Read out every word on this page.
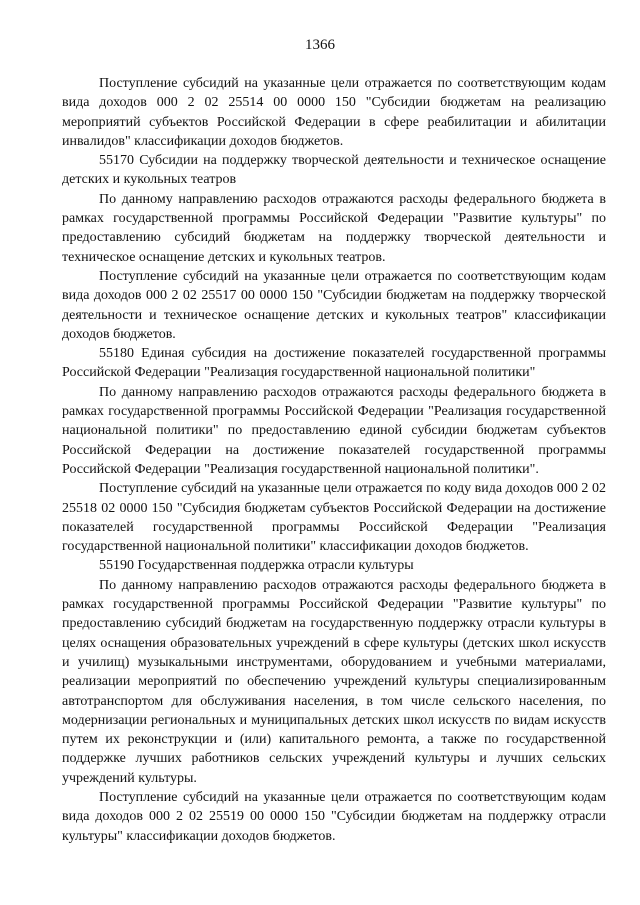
1366

Поступление субсидий на указанные цели отражается по соответствующим кодам вида доходов 000 2 02 25514 00 0000 150 "Субсидии бюджетам на реализацию мероприятий субъектов Российской Федерации в сфере реабилитации и абилитации инвалидов" классификации доходов бюджетов.

55170 Субсидии на поддержку творческой деятельности и техническое оснащение детских и кукольных театров

По данному направлению расходов отражаются расходы федерального бюджета в рамках государственной программы Российской Федерации "Развитие культуры" по предоставлению субсидий бюджетам на поддержку творческой деятельности и техническое оснащение детских и кукольных театров.

Поступление субсидий на указанные цели отражается по соответствующим кодам вида доходов 000 2 02 25517 00 0000 150 "Субсидии бюджетам на поддержку творческой деятельности и техническое оснащение детских и кукольных театров" классификации доходов бюджетов.

55180 Единая субсидия на достижение показателей государственной программы Российской Федерации "Реализация государственной национальной политики"

По данному направлению расходов отражаются расходы федерального бюджета в рамках государственной программы Российской Федерации "Реализация государственной национальной политики" по предоставлению единой субсидии бюджетам субъектов Российской Федерации на достижение показателей государственной программы Российской Федерации "Реализация государственной национальной политики".

Поступление субсидий на указанные цели отражается по коду вида доходов 000 2 02 25518 02 0000 150 "Субсидия бюджетам субъектов Российской Федерации на достижение показателей государственной программы Российской Федерации "Реализация государственной национальной политики" классификации доходов бюджетов.

55190 Государственная поддержка отрасли культуры

По данному направлению расходов отражаются расходы федерального бюджета в рамках государственной программы Российской Федерации "Развитие культуры" по предоставлению субсидий бюджетам на государственную поддержку отрасли культуры в целях оснащения образовательных учреждений в сфере культуры (детских школ искусств и училищ) музыкальными инструментами, оборудованием и учебными материалами, реализации мероприятий по обеспечению учреждений культуры специализированным автотранспортом для обслуживания населения, в том числе сельского населения, по модернизации региональных и муниципальных детских школ искусств по видам искусств путем их реконструкции и (или) капитального ремонта, а также по государственной поддержке лучших работников сельских учреждений культуры и лучших сельских учреждений культуры.

Поступление субсидий на указанные цели отражается по соответствующим кодам вида доходов 000 2 02 25519 00 0000 150 "Субсидии бюджетам на поддержку отрасли культуры" классификации доходов бюджетов.
